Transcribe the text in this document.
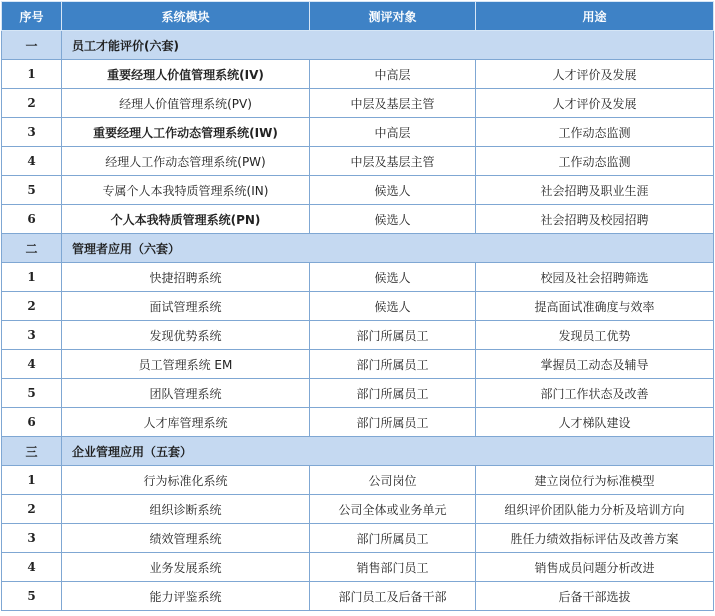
序号	系统模块	测评对象	用途
一	员工才能评价(六套)		
1	重要经理人价值管理系统(IV)	中高层	人才评价及发展
2	经理人价值管理系统(PV)	中层及基层主管	人才评价及发展
3	重要经理人工作动态管理系统(IW)	中高层	工作动态监测
4	经理人工作动态管理系统(PW)	中层及基层主管	工作动态监测
5	专属个人本我特质管理系统(IN)	候选人	社会招聘及职业生涯
6	个人本我特质管理系统(PN)	候选人	社会招聘及校园招聘
二	管理者应用（六套）		
1	快捷招聘系统	候选人	校园及社会招聘筛选
2	面试管理系统	候选人	提高面试准确度与效率
3	发现优势系统	部门所属员工	发现员工优势
4	员工管理系统 EM	部门所属员工	掌握员工动态及辅导
5	团队管理系统	部门所属员工	部门工作状态及改善
6	人才库管理系统	部门所属员工	人才梯队建设
三	企业管理应用（五套）		
1	行为标准化系统	公司岗位	建立岗位行为标准模型
2	组织诊断系统	公司全体或业务单元	组织评价团队能力分析及培训方向
3	绩效管理系统	部门所属员工	胜任力绩效指标评估及改善方案
4	业务发展系统	销售部门员工	销售成员问题分析改进
5	能力评鉴系统	部门员工及后备干部	后备干部选拔
